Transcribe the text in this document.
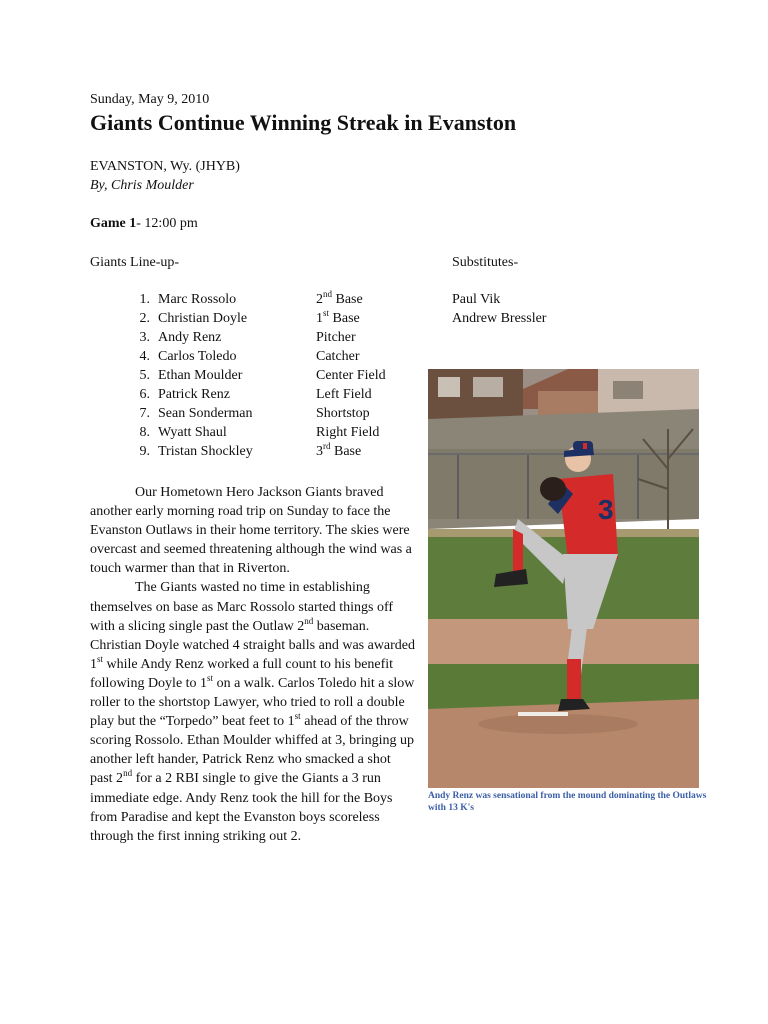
Sunday, May 9, 2010
Giants Continue Winning Streak in Evanston
EVANSTON, Wy. (JHYB)
By, Chris Moulder
Game 1- 12:00 pm
Giants Line-up-	Substitutes-
1. Marc Rossolo	2nd Base
2. Christian Doyle	1st Base
3. Andy Renz	Pitcher
4. Carlos Toledo	Catcher
5. Ethan Moulder	Center Field
6. Patrick Renz	Left Field
7. Sean Sonderman	Shortstop
8. Wyatt Shaul	Right Field
9. Tristan Shockley	3rd Base
Paul Vik
Andrew Bressler

Our Hometown Hero Jackson Giants braved another early morning road trip on Sunday to face the Evanston Outlaws in their home territory. The skies were overcast and seemed threatening although the wind was a touch warmer than that in Riverton.

The Giants wasted no time in establishing themselves on base as Marc Rossolo started things off with a slicing single past the Outlaw 2nd baseman. Christian Doyle watched 4 straight balls and was awarded 1st while Andy Renz worked a full count to his benefit following Doyle to 1st on a walk. Carlos Toledo hit a slow roller to the shortstop Lawyer, who tried to roll a double play but the “Torpedo” beat feet to 1st ahead of the throw scoring Rossolo. Ethan Moulder whiffed at 3, bringing up another left hander, Patrick Renz who smacked a shot past 2nd for a 2 RBI single to give the Giants a 3 run immediate edge. Andy Renz took the hill for the Boys from Paradise and kept the Evanston boys scoreless through the first inning striking out 2.

3
Andy Renz was sensational from the mound dominating the Outlaws with 13 K's
